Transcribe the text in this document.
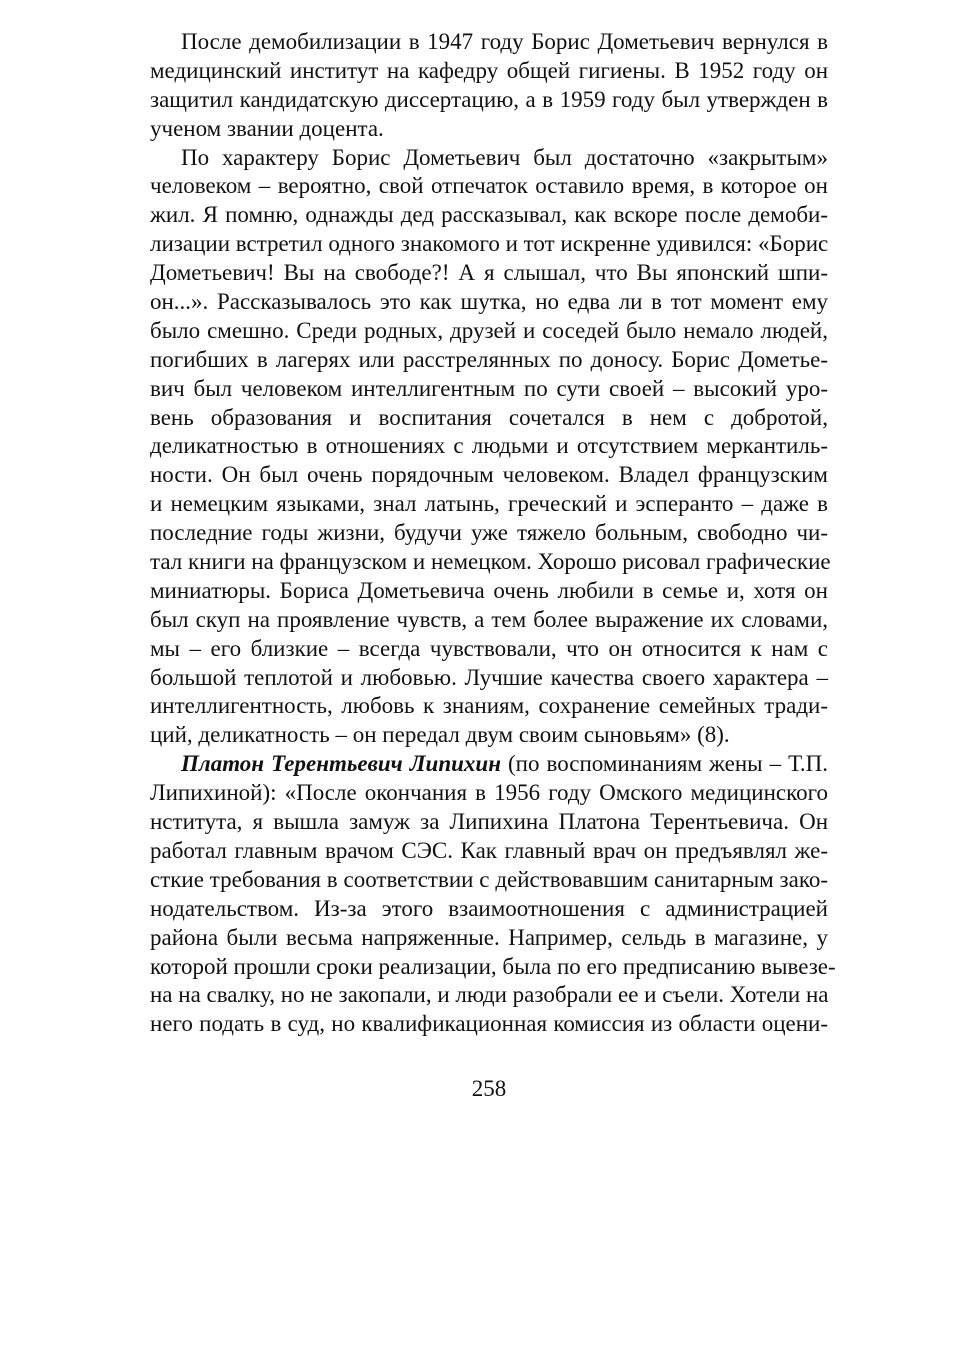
После демобилизации в 1947 году Борис Дометьевич вернулся в
медицинский институт на кафедру общей гигиены. В 1952 году он
защитил кандидатскую диссертацию, а в 1959 году был утвержден в
ученом звании доцента.
По характеру Борис Дометьевич был достаточно «закрытым»
человеком – вероятно, свой отпечаток оставило время, в которое он
жил. Я помню, однажды дед рассказывал, как вскоре после демоби-
лизации встретил одного знакомого и тот искренне удивился: «Борис
Дометьевич! Вы на свободе?! А я слышал, что Вы японский шпи-
он...». Рассказывалось это как шутка, но едва ли в тот момент ему
было смешно. Среди родных, друзей и соседей было немало людей,
погибших в лагерях или расстрелянных по доносу. Борис Дометье-
вич был человеком интеллигентным по сути своей – высокий уро-
вень образования и воспитания сочетался в нем с добротой,
деликатностью в отношениях с людьми и отсутствием меркантиль-
ности. Он был очень порядочным человеком. Владел французским
и немецким языками, знал латынь, греческий и эсперанто – даже в
последние годы жизни, будучи уже тяжело больным, свободно чи-
тал книги на французском и немецком. Хорошо рисовал графические
миниатюры. Бориса Дометьевича очень любили в семье и, хотя он
был скуп на проявление чувств, а тем более выражение их словами,
мы – его близкие – всегда чувствовали, что он относится к нам с
большой теплотой и любовью. Лучшие качества своего характера –
интеллигентность, любовь к знаниям, сохранение семейных тради-
ций, деликатность – он передал двум своим сыновьям» (8).
Платон Терентьевич Липихин (по воспоминаниям жены – Т.П.
Липихиной): «После окончания в 1956 году Омского медицинского
нститута, я вышла замуж за Липихина Платона Терентьевича. Он
работал главным врачом СЭС. Как главный врач он предъявлял же-
сткие требования в соответствии с действовавшим санитарным зако-
нодательством. Из-за этого взаимоотношения с администрацией
района были весьма напряженные. Например, сельдь в магазине, у
которой прошли сроки реализации, была по его предписанию вывезе-
на на свалку, но не закопали, и люди разобрали ее и съели. Хотели на
него подать в суд, но квалификационная комиссия из области оцени-
258
